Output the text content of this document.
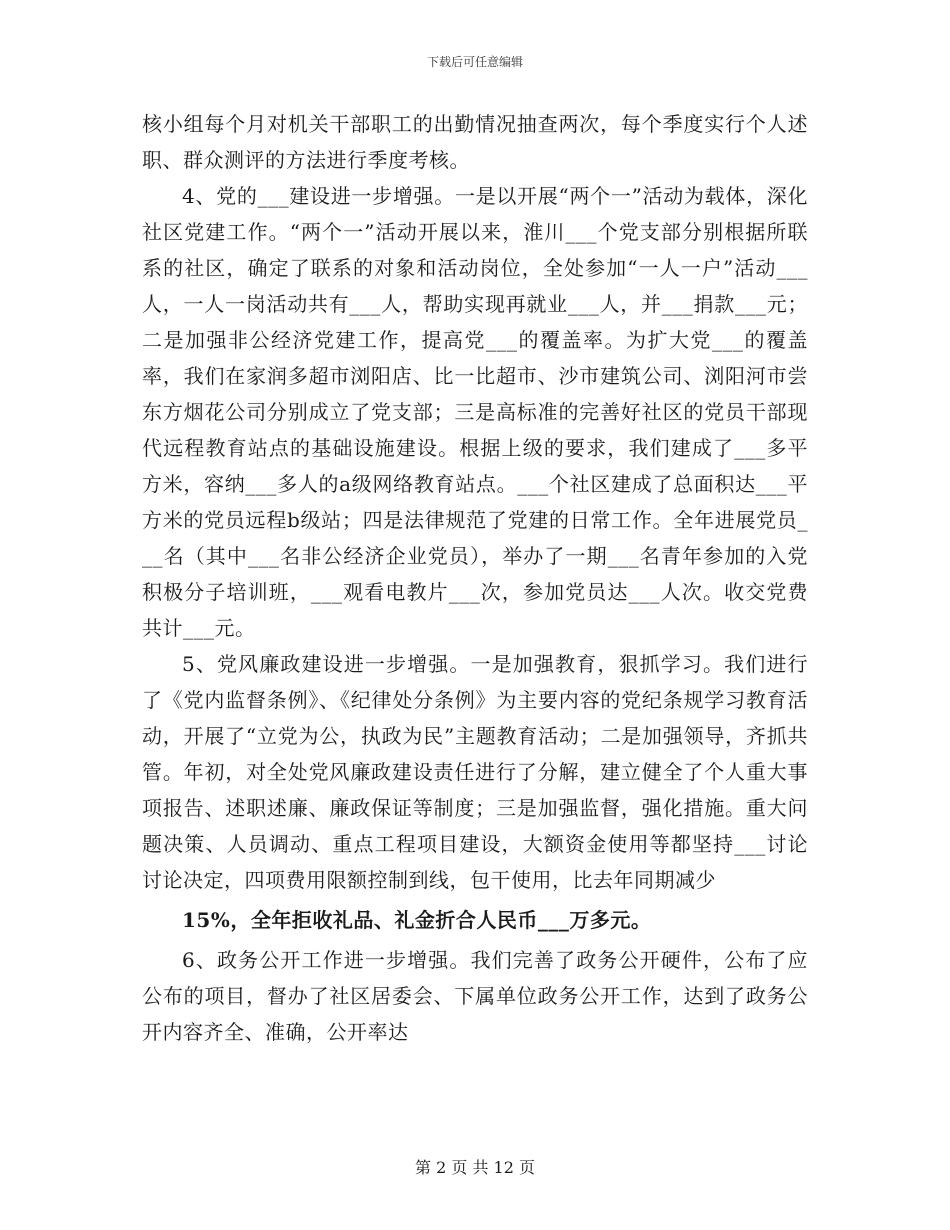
下载后可任意编辑

核小组每个月对机关干部职工的出勤情况抽查两次，每个季度实行个人述职、群众测评的方法进行季度考核。

4、党的___建设进一步增强。一是以开展“两个一”活动为载体，深化社区党建工作。“两个一”活动开展以来，淮川___个党支部分别根据所联系的社区，确定了联系的对象和活动岗位，全处参加“一人一户”活动___人，一人一岗活动共有___人，帮助实现再就业___人，并___捐款___元；二是加强非公经济党建工作，提高党___的覆盖率。为扩大党___的覆盖率，我们在家润多超市浏阳店、比一比超市、沙市建筑公司、浏阳河市尝东方烟花公司分别成立了党支部；三是高标准的完善好社区的党员干部现代远程教育站点的基础设施建设。根据上级的要求，我们建成了___多平方米，容纳___多人的a级网络教育站点。___个社区建成了总面积达___平方米的党员远程b级站；四是法律规范了党建的日常工作。全年进展党员___名（其中___名非公经济企业党员），举办了一期___名青年参加的入党积极分子培训班，___观看电教片___次，参加党员达___人次。收交党费共计___元。

5、党风廉政建设进一步增强。一是加强教育，狠抓学习。我们进行了《党内监督条例》、《纪律处分条例》为主要内容的党纪条规学习教育活动，开展了“立党为公，执政为民”主题教育活动；二是加强领导，齐抓共管。年初，对全处党风廉政建设责任进行了分解，建立健全了个人重大事项报告、述职述廉、廉政保证等制度；三是加强监督，强化措施。重大问题决策、人员调动、重点工程项目建设，大额资金使用等都坚持___讨论讨论决定，四项费用限额控制到线，包干使用，比去年同期减少

15%，全年拒收礼品、礼金折合人民币___万多元。

6、政务公开工作进一步增强。我们完善了政务公开硬件，公布了应公布的项目，督办了社区居委会、下属单位政务公开工作，达到了政务公开内容齐全、准确，公开率达

第 2 页 共 12 页
